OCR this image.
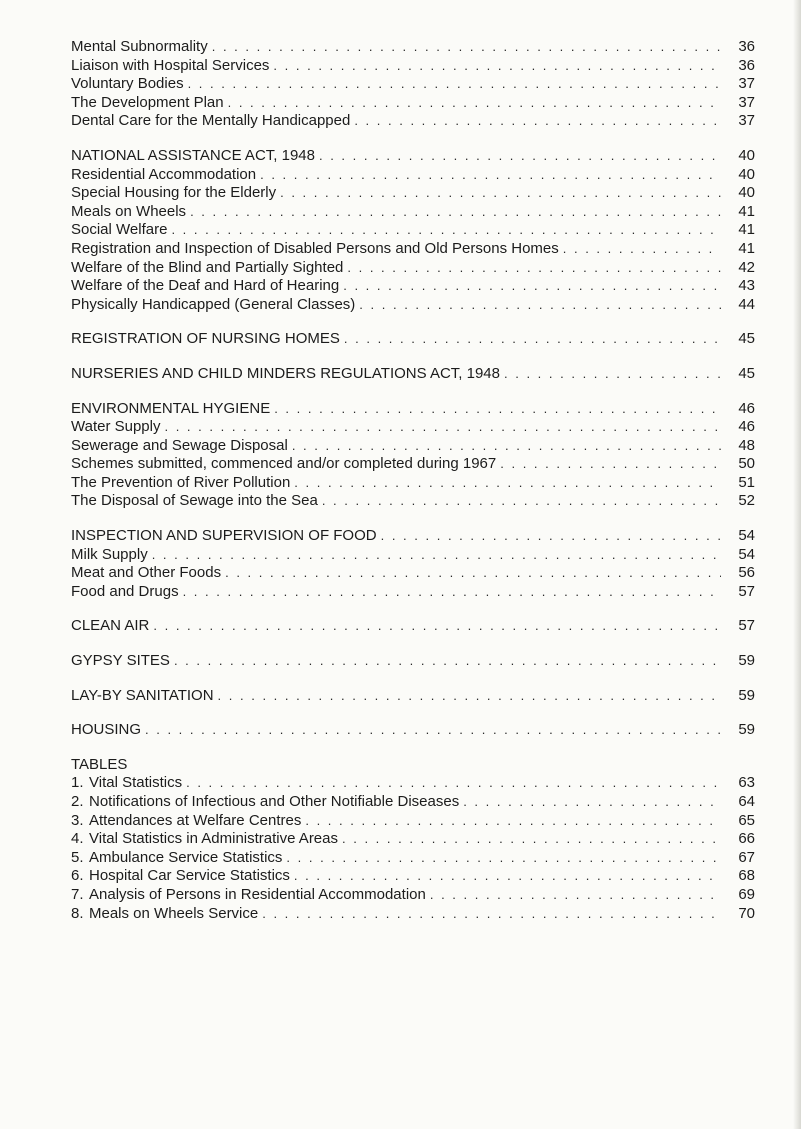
Mental Subnormality . . .	36
Liaison with Hospital Services . . .	36
Voluntary Bodies . . .	37
The Development Plan . . .	37
Dental Care for the Mentally Handicapped . . .	37
NATIONAL ASSISTANCE ACT, 1948 . . .	40
Residential Accommodation . . .	40
Special Housing for the Elderly . . .	40
Meals on Wheels . . .	41
Social Welfare . . .	41
Registration and Inspection of Disabled Persons and Old Persons Homes . . .	41
Welfare of the Blind and Partially Sighted . . .	42
Welfare of the Deaf and Hard of Hearing . . .	43
Physically Handicapped (General Classes) . . .	44
REGISTRATION OF NURSING HOMES . . .	45
NURSERIES AND CHILD MINDERS REGULATIONS ACT, 1948 . . .	45
ENVIRONMENTAL HYGIENE . . .	46
Water Supply . . .	46
Sewerage and Sewage Disposal . . .	48
Schemes submitted, commenced and/or completed during 1967 . . .	50
The Prevention of River Pollution . . .	51
The Disposal of Sewage into the Sea . . .	52
INSPECTION AND SUPERVISION OF FOOD . . .	54
Milk Supply . . .	54
Meat and Other Foods . . .	56
Food and Drugs . . .	57
CLEAN AIR . . .	57
GYPSY SITES . . .	59
LAY-BY SANITATION . . .	59
HOUSING . . .	59
TABLES
1. Vital Statistics . . .	63
2. Notifications of Infectious and Other Notifiable Diseases . . .	64
3. Attendances at Welfare Centres . . .	65
4. Vital Statistics in Administrative Areas . . .	66
5. Ambulance Service Statistics . . .	67
6. Hospital Car Service Statistics . . .	68
7. Analysis of Persons in Residential Accommodation . . .	69
8. Meals on Wheels Service . . .	70
